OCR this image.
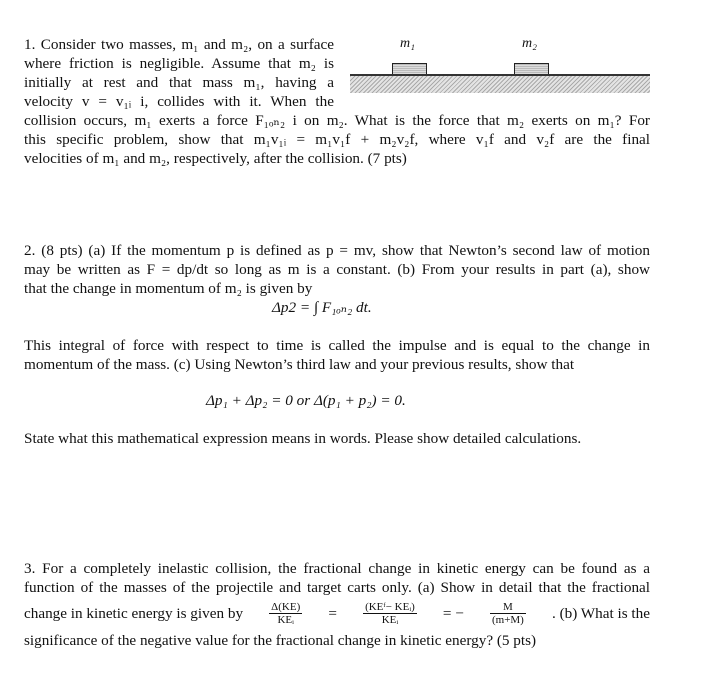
1. Consider two masses, m₁ and m₂, on a surface
where friction is negligible. Assume that m₂ is
initially at rest and that mass m₁, having a
velocity v = v₁ᵢ i, collides with it. When the
collision occurs, m₁ exerts a force F₁ₒₙ₂ i on m₂. What is the force that m₂ exerts on m₁? For
this specific problem, show that m₁v₁ᵢ = m₁v₁f + m₂v₂f, where v₁f and v₂f are the final
velocities of m₁ and m₂, respectively, after the collision. (7 pts)
m₁	m₂
2. (8 pts) (a) If the momentum p is defined as p = mv, show that Newton’s second law of motion
may be written as F = dp/dt so long as m is a constant. (b) From your results in part (a), show
that the change in momentum of m₂ is given by
Δp2 = ∫ F₁ₒₙ₂ dt.
This integral of force with respect to time is called the impulse and is equal to the change in
momentum of the mass. (c) Using Newton’s third law and your previous results, show that
Δp₁ + Δp₂ = 0 or Δ(p₁ + p₂) = 0.
State what this mathematical expression means in words. Please show detailed calculations.
3. For a completely inelastic collision, the fractional change in kinetic energy can be found as a
function of the masses of the projectile and target carts only. (a) Show in detail that the fractional
change in kinetic energy is given by $\frac{\Delta(KE)}{\text{KEᵢ}} = \frac{\text{(KEᶠ− KEᵢ)}}{\text{KEᵢ}}$ = − $\frac{M}{(m+M)}$ . (b) What is the
significance of the negative value for the fractional change in kinetic energy? (5 pts)
